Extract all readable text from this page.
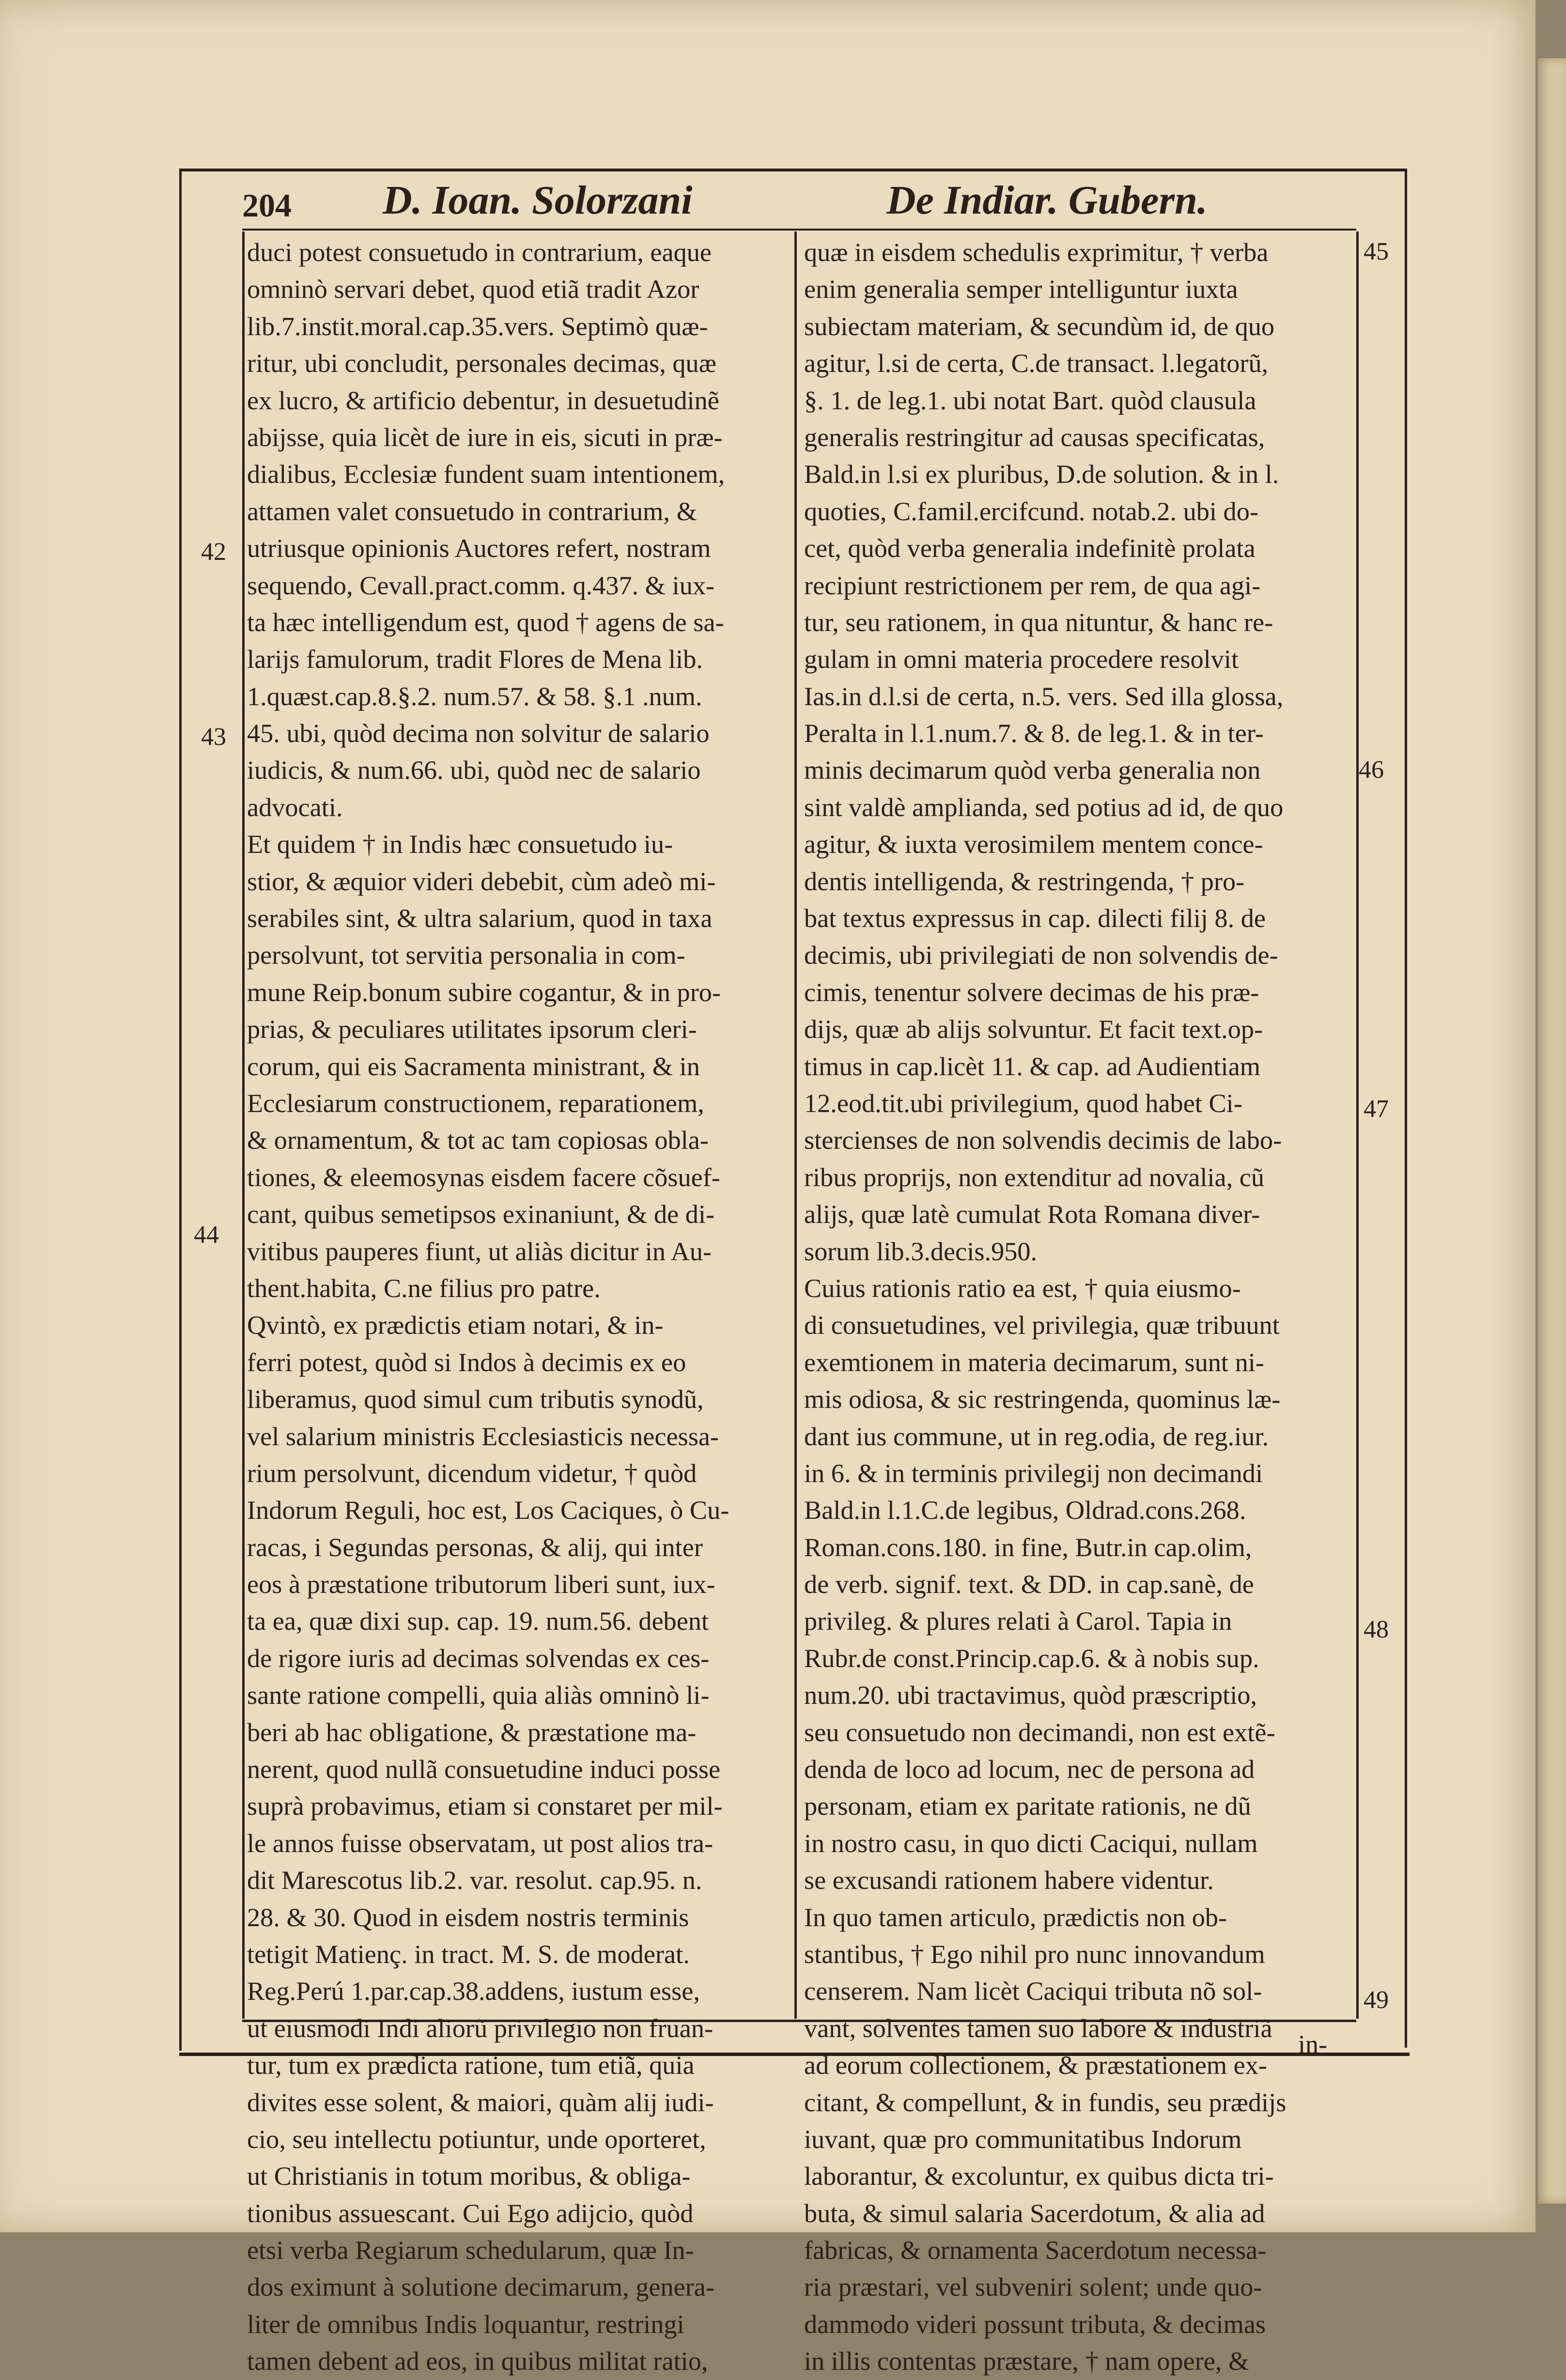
204 D. Ioan. Solorzani	De Indiar. Gubern.
duci potest consuetudo in contrarium, eaque
omninò servari debet, quod etiã tradit Azor
lib.7.instit.moral.cap.35.vers. Septimò quæ-
ritur, ubi concludit, personales decimas, quæ
ex lucro, & artificio debentur, in desuetudinẽ
abijsse, quia licèt de iure in eis, sicuti in præ-
dialibus, Ecclesiæ fundent suam intentionem,
attamen valet consuetudo in contrarium, &
utriusque opinionis Auctores refert, nostram
sequendo, Cevall.pract.comm. q.437. & iux-
ta hæc intelligendum est, quod † agens de sa-
larijs famulorum, tradit Flores de Mena lib.
1.quæst.cap.8.§.2. num.57. & 58. §.1 .num.
45. ubi, quòd decima non solvitur de salario
iudicis, & num.66. ubi, quòd nec de salario
advocati.
Et quidem † in Indis hæc consuetudo iu-
stior, & æquior videri debebit, cùm adeò mi-
serabiles sint, & ultra salarium, quod in taxa
persolvunt, tot servitia personalia in com-
mune Reip.bonum subire cogantur, & in pro-
prias, & peculiares utilitates ipsorum cleri-
corum, qui eis Sacramenta ministrant, & in
Ecclesiarum constructionem, reparationem,
& ornamentum, & tot ac tam copiosas obla-
tiones, & eleemosynas eisdem facere cõsuef-
cant, quibus semetipsos exinaniunt, & de di-
vitibus pauperes fiunt, ut aliàs dicitur in Au-
thent.habita, C.ne filius pro patre.
Qvintò, ex prædictis etiam notari, & in-
ferri potest, quòd si Indos à decimis ex eo
liberamus, quod simul cum tributis synodũ,
vel salarium ministris Ecclesiasticis necessa-
rium persolvunt, dicendum videtur, † quòd
Indorum Reguli, hoc est, Los Caciques, ò Cu-
racas, i Segundas personas, & alij, qui inter
eos à præstatione tributorum liberi sunt, iux-
ta ea, quæ dixi sup. cap. 19. num.56. debent
de rigore iuris ad decimas solvendas ex ces-
sante ratione compelli, quia aliàs omninò li-
beri ab hac obligatione, & præstatione ma-
nerent, quod nullã consuetudine induci posse
suprà probavimus, etiam si constaret per mil-
le annos fuisse observatam, ut post alios tra-
dit Marescotus lib.2. var. resolut. cap.95. n.
28. & 30. Quod in eisdem nostris terminis
tetigit Matienç. in tract. M. S. de moderat.
Reg.Perú 1.par.cap.38.addens, iustum esse,
ut eiusmodi Indi aliorũ privilegio non fruan-
tur, tum ex prædicta ratione, tum etiã, quia
divites esse solent, & maiori, quàm alij iudi-
cio, seu intellectu potiuntur, unde oporteret,
ut Christianis in totum moribus, & obliga-
tionibus assuescant. Cui Ego adijcio, quòd
etsi verba Regiarum schedularum, quæ In-
dos eximunt à solutione decimarum, genera-
liter de omnibus Indis loquantur, restringi
tamen debent ad eos, in quibus militat ratio,
quæ in eisdem schedulis exprimitur, † verba
enim generalia semper intelliguntur iuxta
subiectam materiam, & secundùm id, de quo
agitur, l.si de certa, C.de transact. l.legatorũ,
§. 1. de leg.1. ubi notat Bart. quòd clausula
generalis restringitur ad causas specificatas,
Bald.in l.si ex pluribus, D.de solution. & in l.
quoties, C.famil.ercifcund. notab.2. ubi do-
cet, quòd verba generalia indefinitè prolata
recipiunt restrictionem per rem, de qua agi-
tur, seu rationem, in qua nituntur, & hanc re-
gulam in omni materia procedere resolvit
Ias.in d.l.si de certa, n.5. vers. Sed illa glossa,
Peralta in l.1.num.7. & 8. de leg.1. & in ter-
minis decimarum quòd verba generalia non
sint valdè amplianda, sed potius ad id, de quo
agitur, & iuxta verosimilem mentem conce-
dentis intelligenda, & restringenda, † pro-
bat textus expressus in cap. dilecti filij 8. de
decimis, ubi privilegiati de non solvendis de-
cimis, tenentur solvere decimas de his præ-
dijs, quæ ab alijs solvuntur. Et facit text.op-
timus in cap.licèt 11. & cap. ad Audientiam
12.eod.tit.ubi privilegium, quod habet Ci-
stercienses de non solvendis decimis de labo-
ribus proprijs, non extenditur ad novalia, cũ
alijs, quæ latè cumulat Rota Romana diver-
sorum lib.3.decis.950.
Cuius rationis ratio ea est, † quia eiusmo-
di consuetudines, vel privilegia, quæ tribuunt
exemtionem in materia decimarum, sunt ni-
mis odiosa, & sic restringenda, quominus læ-
dant ius commune, ut in reg.odia, de reg.iur.
in 6. & in terminis privilegij non decimandi
Bald.in l.1.C.de legibus, Oldrad.cons.268.
Roman.cons.180. in fine, Butr.in cap.olim,
de verb. signif. text. & DD. in cap.sanè, de
privileg. & plures relati à Carol. Tapia in
Rubr.de const.Princip.cap.6. & à nobis sup.
num.20. ubi tractavimus, quòd præscriptio,
seu consuetudo non decimandi, non est extẽ-
denda de loco ad locum, nec de persona ad
personam, etiam ex paritate rationis, ne dũ
in nostro casu, in quo dicti Caciqui, nullam
se excusandi rationem habere videntur.
In quo tamen articulo, prædictis non ob-
stantibus, † Ego nihil pro nunc innovandum
censerem. Nam licèt Caciqui tributa nõ sol-
vant, solventes tamen suo labore & industriã
ad eorum collectionem, & præstationem ex-
citant, & compellunt, & in fundis, seu prædijs
iuvant, quæ pro communitatibus Indorum
laborantur, & excoluntur, ex quibus dicta tri-
buta, & simul salaria Sacerdotum, & alia ad
fabricas, & ornamenta Sacerdotum necessa-
ria præstari, vel subveniri solent; unde quo-
dammodo videri possunt tributa, & decimas
in illis contentas præstare, † nam opere, &
42
43
44
45
46
47
48
49
in-
